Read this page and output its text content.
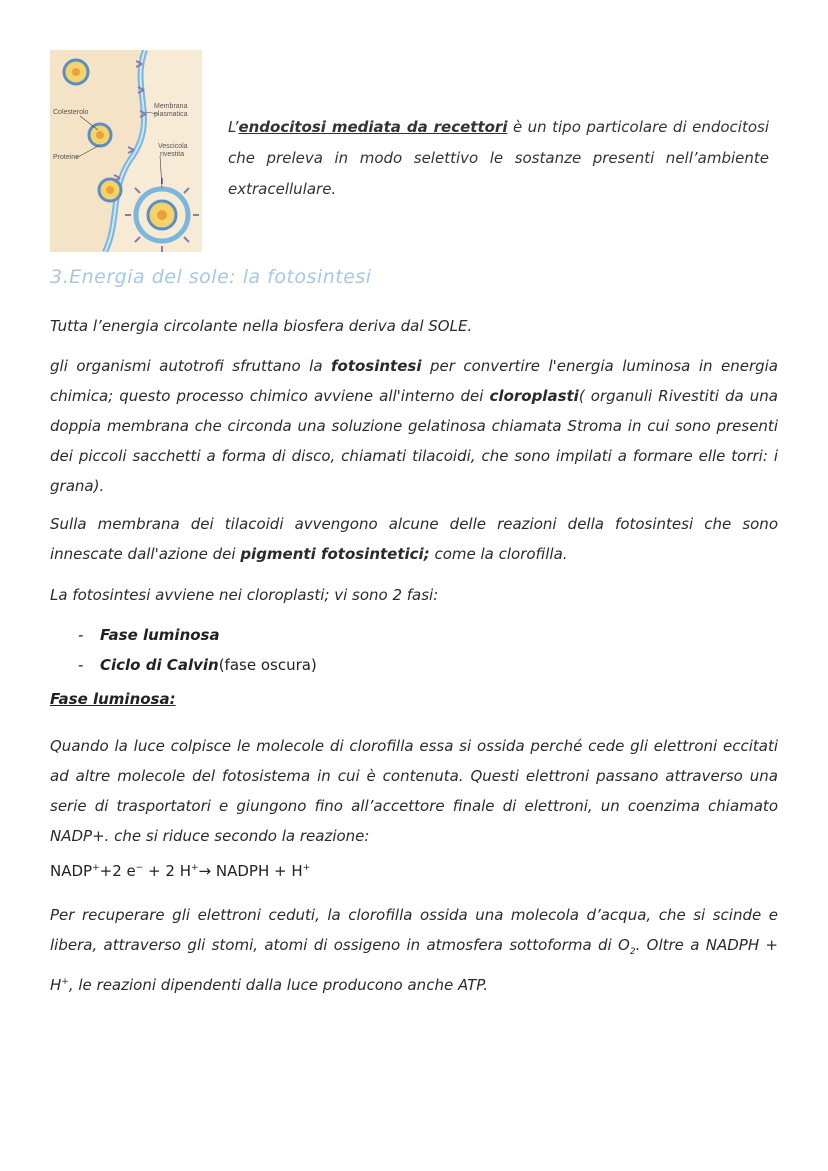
Colesterolo
Membrana
plasmatica
Proteine
Vescicola
rivestita

L’endocitosi mediata da recettori è un tipo particolare di endocitosi che preleva in modo selettivo le sostanze presenti nell’ambiente extracellulare.

3.Energia del sole: la fotosintesi

Tutta l’energia circolante nella biosfera deriva dal SOLE.

gli organismi autotrofi sfruttano la fotosintesi per convertire l'energia luminosa in energia chimica; questo processo chimico avviene all'interno dei cloroplasti( organuli Rivestiti da una doppia membrana che circonda una soluzione gelatinosa chiamata Stroma in cui sono presenti dei piccoli sacchetti a forma di disco, chiamati tilacoidi, che sono impilati a formare elle torri: i grana).

Sulla membrana dei tilacoidi avvengono alcune delle reazioni della fotosintesi che sono innescate dall'azione dei pigmenti fotosintetici; come la clorofilla.

La fotosintesi avviene nei cloroplasti; vi sono 2 fasi:

-	Fase luminosa
-	Ciclo di Calvin (fase oscura)
Fase luminosa:

Quando la luce colpisce le molecole di clorofilla essa si ossida perché cede gli elettroni eccitati ad altre molecole del fotosistema in cui è contenuta. Questi elettroni passano attraverso una serie di trasportatori e giungono fino all’accettore finale di elettroni, un coenzima chiamato NADP+. che si riduce secondo la reazione:

NADP++2 e− + 2 H+→ NADPH + H+

Per recuperare gli elettroni ceduti, la clorofilla ossida una molecola d’acqua, che si scinde e libera, attraverso gli stomi, atomi di ossigeno in atmosfera sottoforma di $O_2$. Oltre a NADPH + H+, le reazioni dipendenti dalla luce producono anche ATP.
